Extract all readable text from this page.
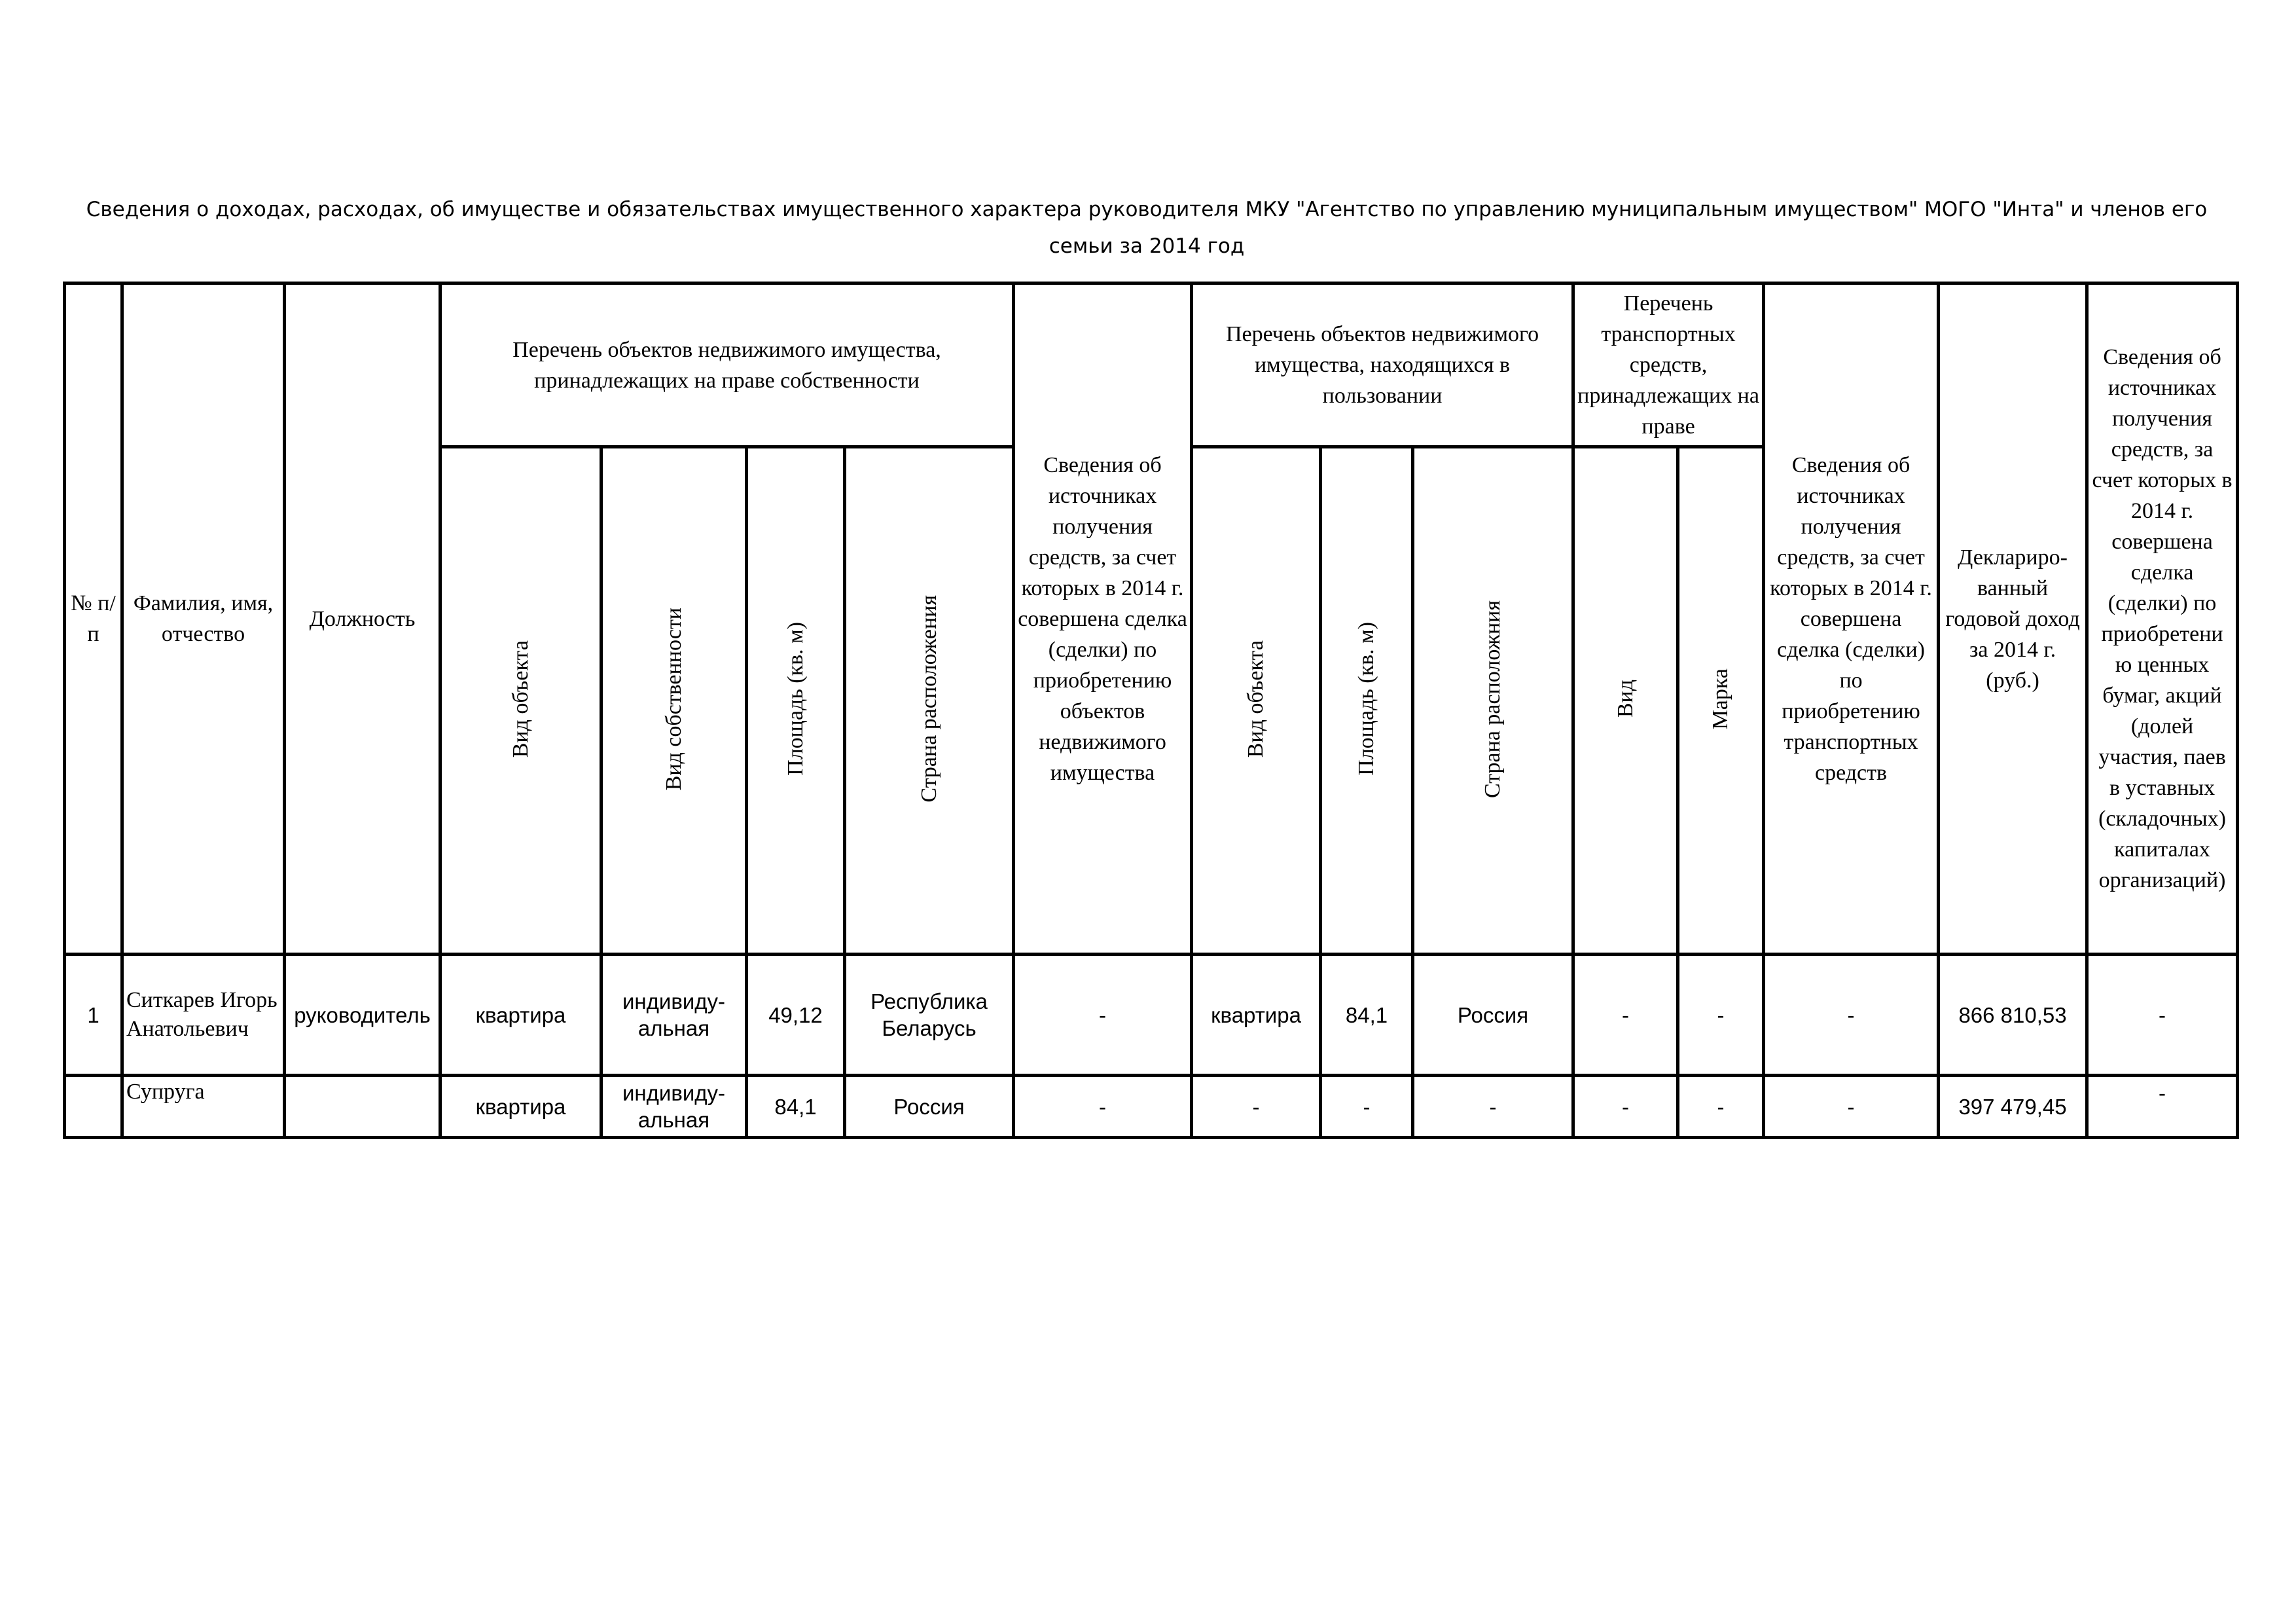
Сведения о доходах, расходах, об имуществе и обязательствах имущественного характера руководителя МКУ "Агентство по управлению муниципальным имуществом" МОГО "Инта" и членов его семьи за 2014 год
№ п/п	Фамилия, имя, отчество	Должность	Перечень объектов недвижимого имущества, принадлежащих на праве собственности				Сведения об источниках получения средств, за счет которых в 2014 г. совершена сделка (сделки) по приобретению объектов недвижимого имущества	Перечень объектов недвижимого имущества, находящихся в пользовании			Перечень транспортных средств, принадлежащих на праве		Сведения об источниках получения средств, за счет которых в 2014 г. совершена сделка (сделки) по приобретению транспортных средств	Деклариро-ванный годовой доход за 2014 г. (руб.)	Сведения об источниках получения средств, за счет которых в 2014 г. совершена сделка (сделки) по приобретени ю ценных бумаг, акций (долей участия, паев в уставных (складочных) капиталах организаций)
			Вид объекта	Вид собственности	Площадь (кв. м)	Страна расположения		Вид объекта	Площадь (кв. м)	Страна расположния	Вид	Марка			
1	Ситкарев Игорь Анатольевич	руководитель	квартира	индивиду-альная	49,12	Республика Беларусь	-	квартира	84,1	Россия	-	-	-	866 810,53	-
	Супруга		квартира	индивиду-альная	84,1	Россия	-	-	-	-	-	-	-	397 479,45	-
